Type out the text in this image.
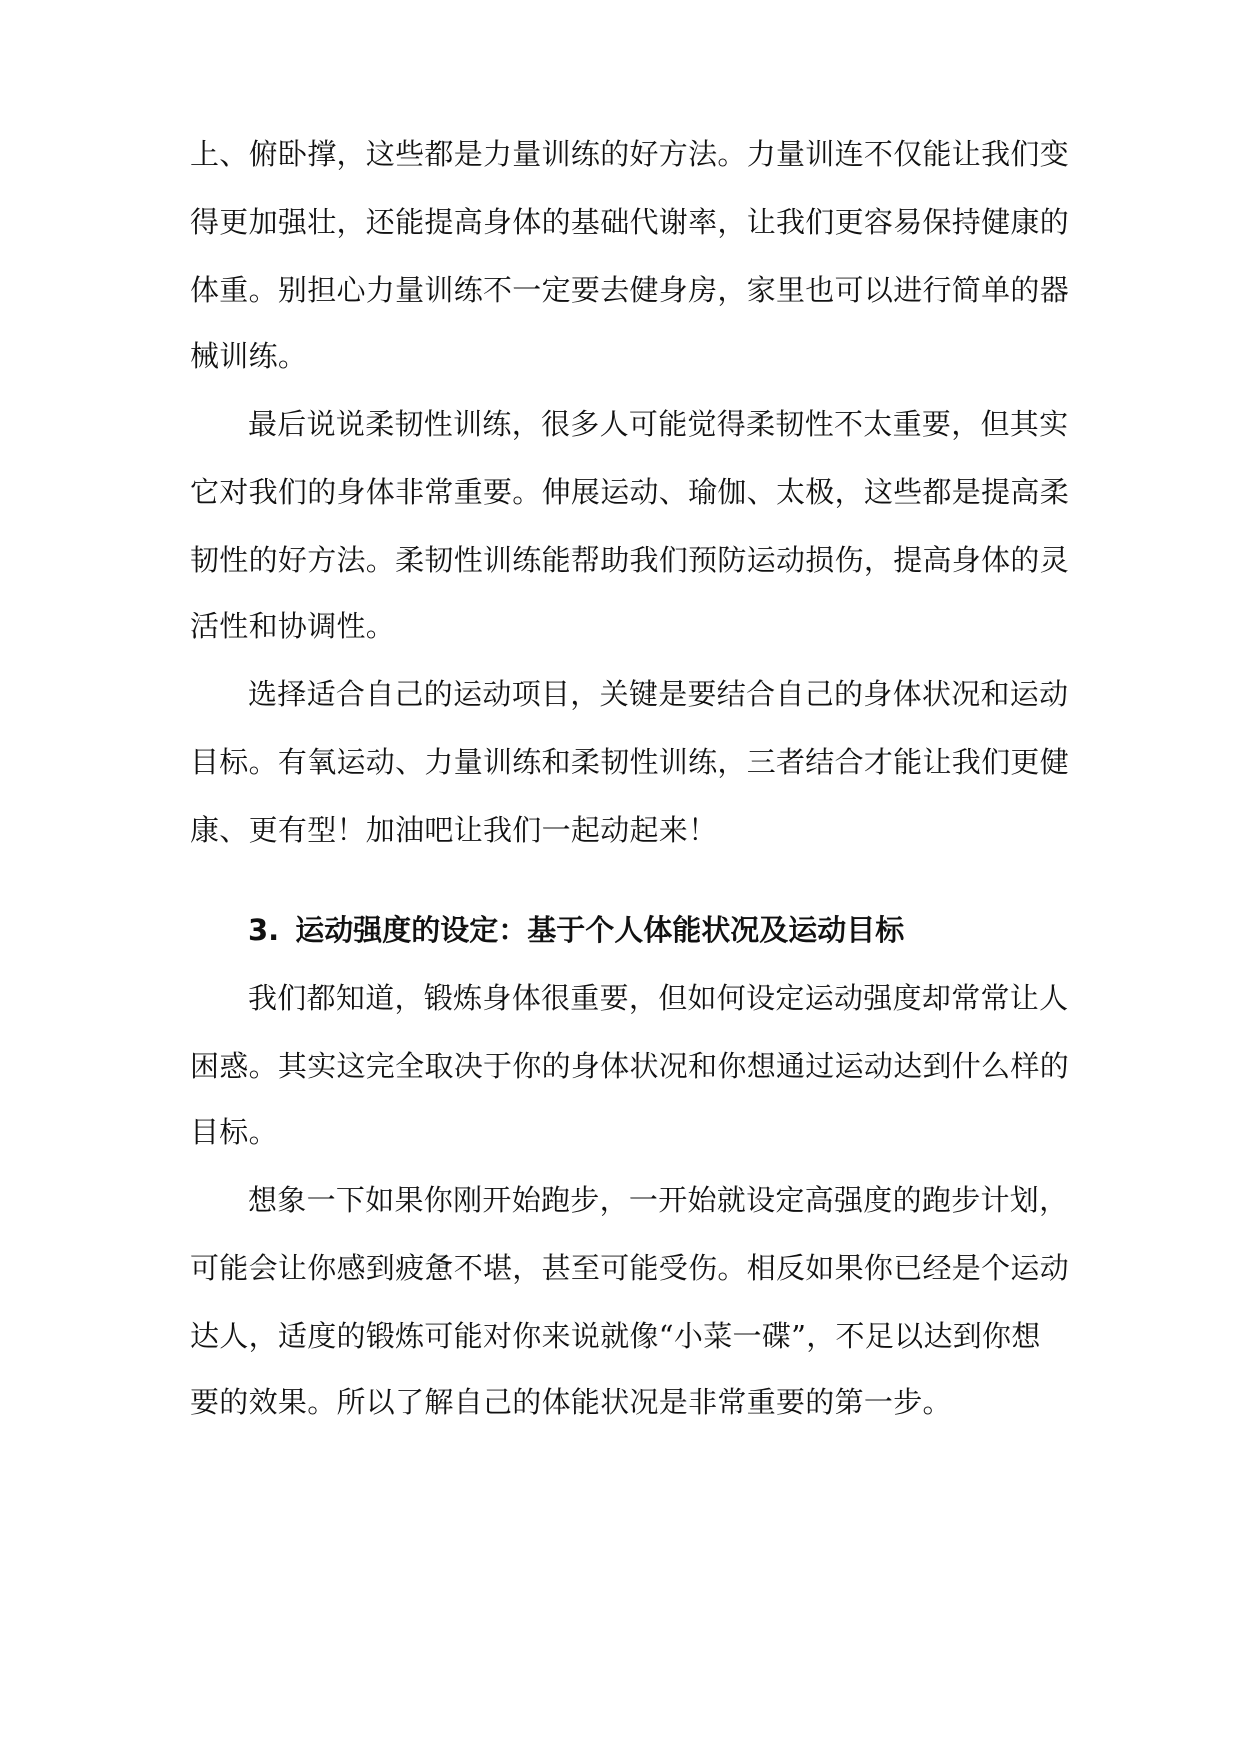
上、俯卧撑，这些都是力量训练的好方法。力量训连不仅能让我们变
得更加强壮，还能提高身体的基础代谢率，让我们更容易保持健康的
体重。别担心力量训练不一定要去健身房，家里也可以进行简单的器
械训练。
最后说说柔韧性训练，很多人可能觉得柔韧性不太重要，但其实
它对我们的身体非常重要。伸展运动、瑜伽、太极，这些都是提高柔
韧性的好方法。柔韧性训练能帮助我们预防运动损伤，提高身体的灵
活性和协调性。
选择适合自己的运动项目，关键是要结合自己的身体状况和运动
目标。有氧运动、力量训练和柔韧性训练，三者结合才能让我们更健
康、更有型！加油吧让我们一起动起来！
3. 运动强度的设定：基于个人体能状况及运动目标
我们都知道，锻炼身体很重要，但如何设定运动强度却常常让人
困惑。其实这完全取决于你的身体状况和你想通过运动达到什么样的
目标。
想象一下如果你刚开始跑步，一开始就设定高强度的跑步计划，
可能会让你感到疲惫不堪，甚至可能受伤。相反如果你已经是个运动
达人，适度的锻炼可能对你来说就像“小菜一碟”，不足以达到你想
要的效果。所以了解自己的体能状况是非常重要的第一步。
